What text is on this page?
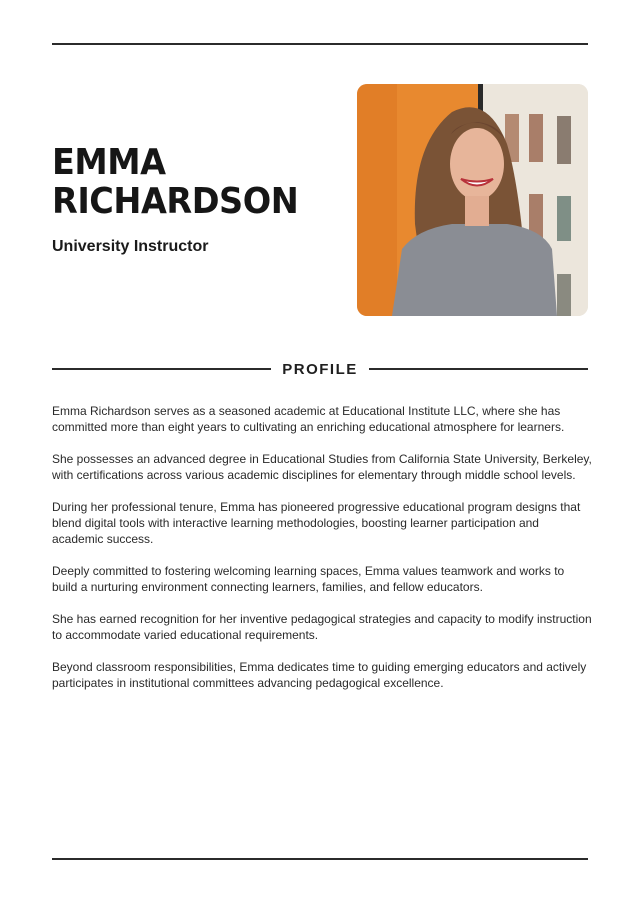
EMMA
RICHARDSON
University Instructor
PROFILE

Emma Richardson serves as a seasoned academic at Educational Institute LLC, where she has committed more than eight years to cultivating an enriching educational atmosphere for learners.

She possesses an advanced degree in Educational Studies from California State University, Berkeley, with certifications across various academic disciplines for elementary through middle school levels.

During her professional tenure, Emma has pioneered progressive educational program designs that blend digital tools with interactive learning methodologies, boosting learner participation and academic success.

Deeply committed to fostering welcoming learning spaces, Emma values teamwork and works to build a nurturing environment connecting learners, families, and fellow educators.

She has earned recognition for her inventive pedagogical strategies and capacity to modify instruction to accommodate varied educational requirements.

Beyond classroom responsibilities, Emma dedicates time to guiding emerging educators and actively participates in institutional committees advancing pedagogical excellence.
